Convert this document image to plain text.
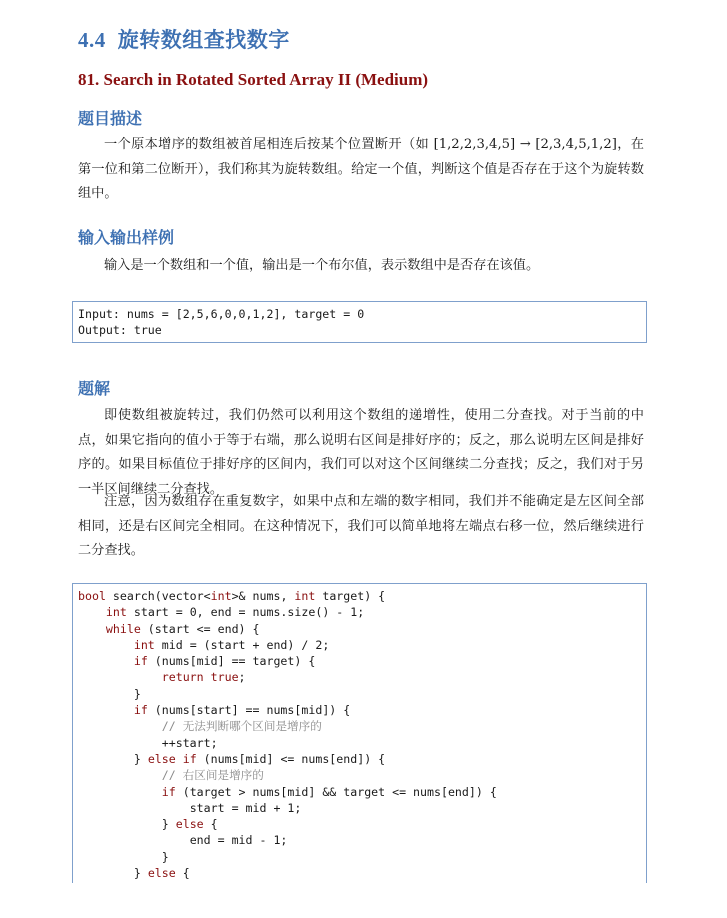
4.4 旋转数组查找数字
81. Search in Rotated Sorted Array II (Medium)
题目描述
一个原本增序的数组被首尾相连后按某个位置断开（如 [1,2,2,3,4,5] → [2,3,4,5,1,2]，在第一位和第二位断开），我们称其为旋转数组。给定一个值，判断这个值是否存在于这个为旋转数组中。
输入输出样例
输入是一个数组和一个值，输出是一个布尔值，表示数组中是否存在该值。
Input: nums = [2,5,6,0,0,1,2], target = 0
Output: true
题解
即使数组被旋转过，我们仍然可以利用这个数组的递增性，使用二分查找。对于当前的中点，如果它指向的值小于等于右端，那么说明右区间是排好序的；反之，那么说明左区间是排好序的。如果目标值位于排好序的区间内，我们可以对这个区间继续二分查找；反之，我们对于另一半区间继续二分查找。
注意，因为数组存在重复数字，如果中点和左端的数字相同，我们并不能确定是左区间全部相同，还是右区间完全相同。在这种情况下，我们可以简单地将左端点右移一位，然后继续进行二分查找。
bool search(vector<int>& nums, int target) {
int start = 0, end = nums.size() - 1;
while (start <= end) {
int mid = (start + end) / 2;
if (nums[mid] == target) {
return true;
}
if (nums[start] == nums[mid]) {
// 无法判断哪个区间是增序的
++start;
} else if (nums[mid] <= nums[end]) {
// 右区间是增序的
if (target > nums[mid] && target <= nums[end]) {
start = mid + 1;
} else {
end = mid - 1;
}
} else {
